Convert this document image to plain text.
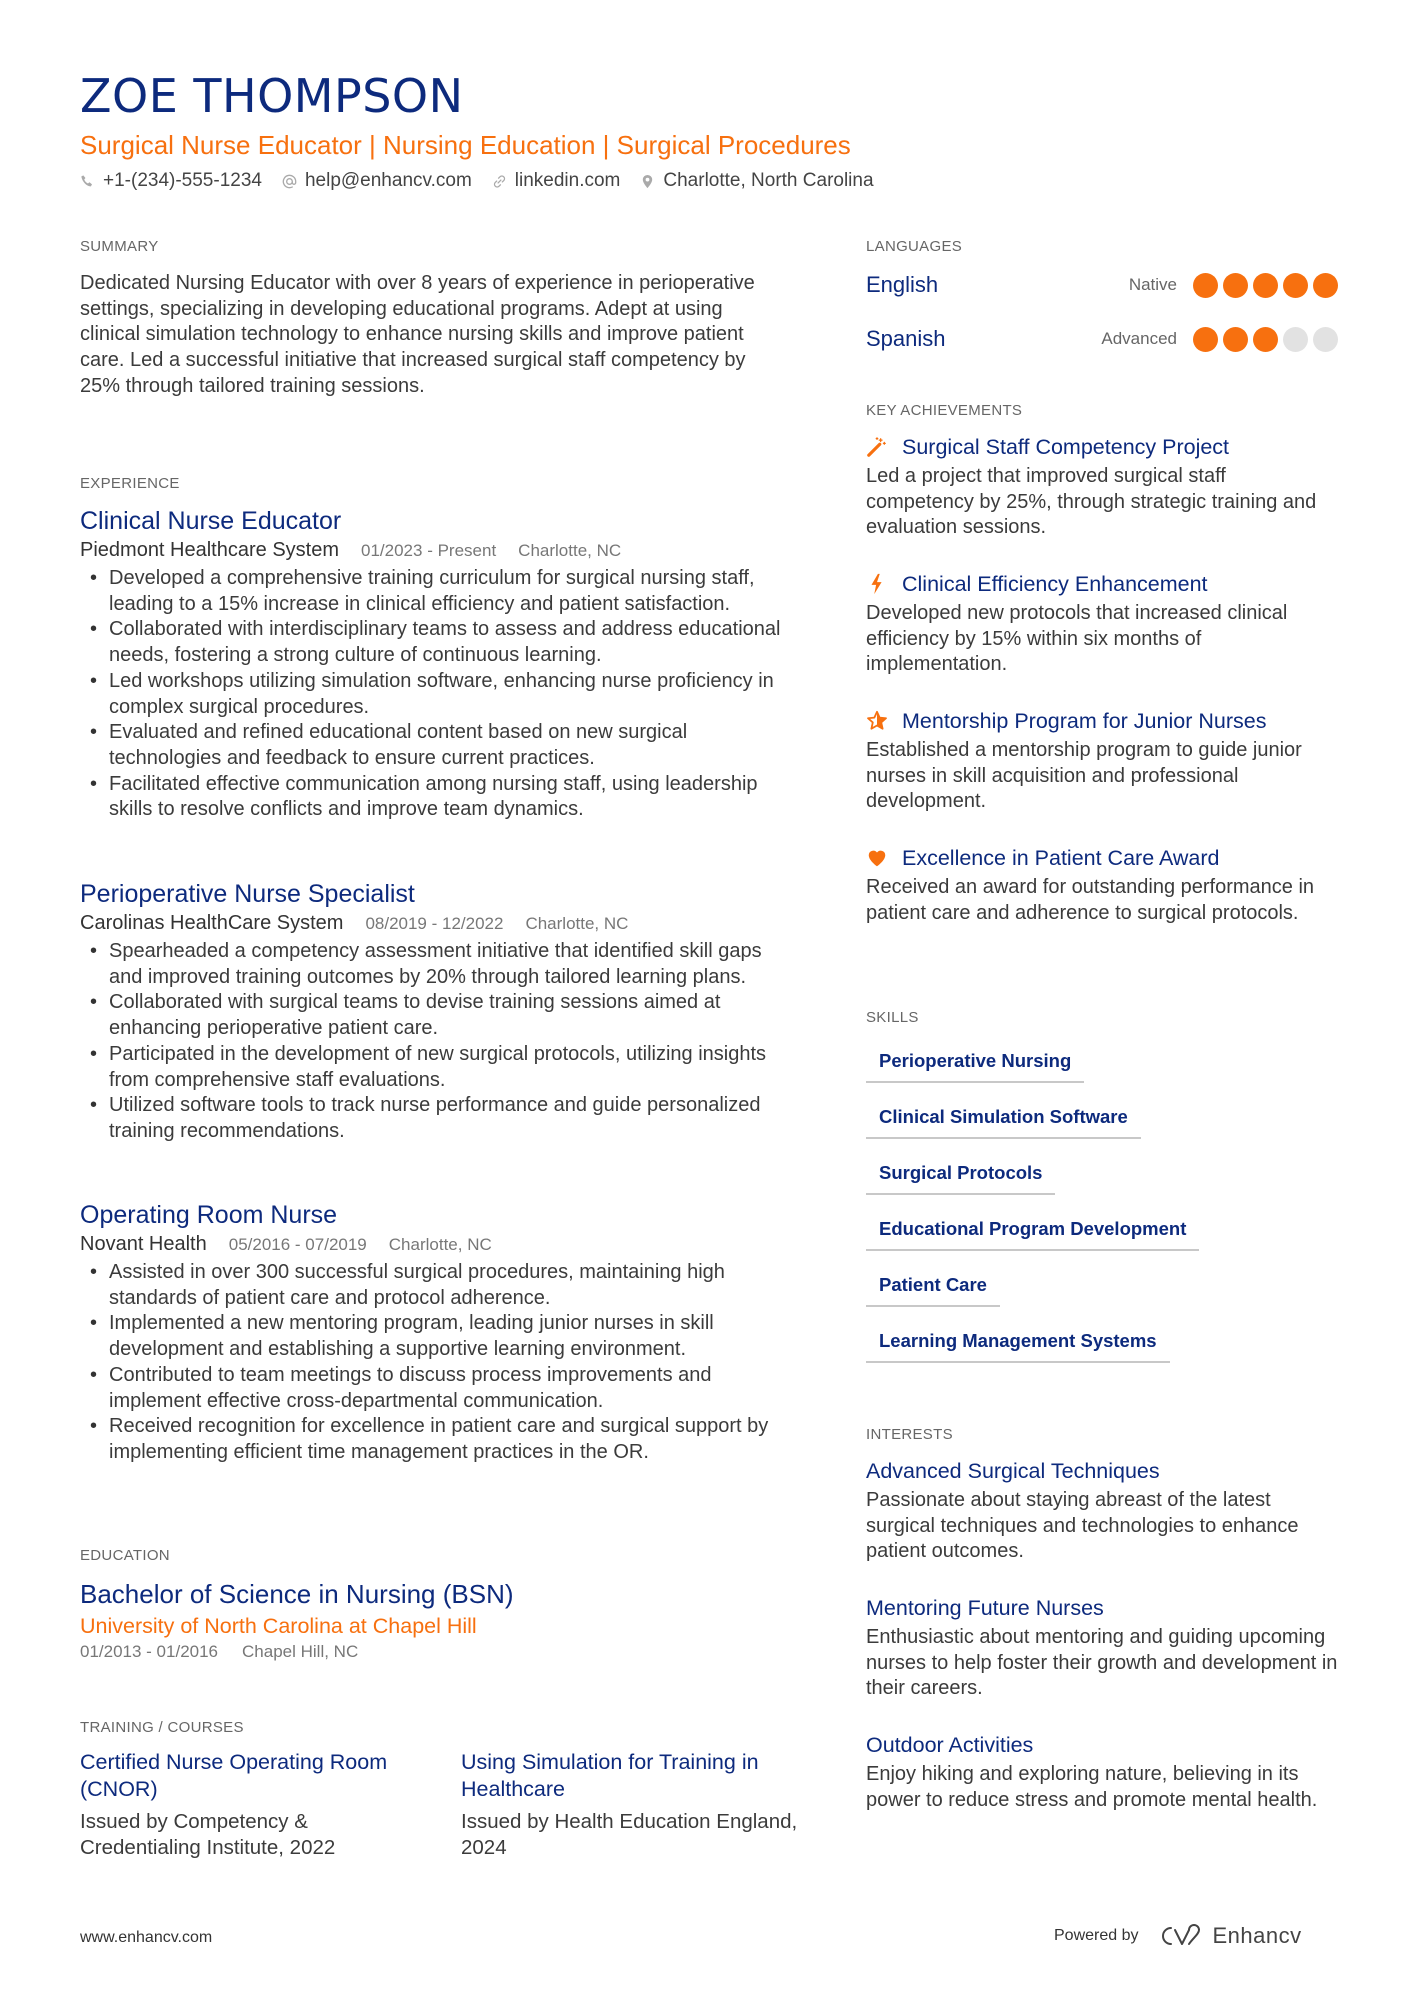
ZOE THOMPSON
Surgical Nurse Educator | Nursing Education | Surgical Procedures
+1-(234)-555-1234 help@enhancv.com linkedin.com Charlotte, North Carolina
SUMMARY
Dedicated Nursing Educator with over 8 years of experience in perioperative settings, specializing in developing educational programs. Adept at using clinical simulation technology to enhance nursing skills and improve patient care. Led a successful initiative that increased surgical staff competency by 25% through tailored training sessions.
EXPERIENCE
Clinical Nurse Educator
Piedmont Healthcare System 01/2023 - Present Charlotte, NC
• Developed a comprehensive training curriculum for surgical nursing staff, leading to a 15% increase in clinical efficiency and patient satisfaction.
• Collaborated with interdisciplinary teams to assess and address educational needs, fostering a strong culture of continuous learning.
• Led workshops utilizing simulation software, enhancing nurse proficiency in complex surgical procedures.
• Evaluated and refined educational content based on new surgical technologies and feedback to ensure current practices.
• Facilitated effective communication among nursing staff, using leadership skills to resolve conflicts and improve team dynamics.
Perioperative Nurse Specialist
Carolinas HealthCare System 08/2019 - 12/2022 Charlotte, NC
• Spearheaded a competency assessment initiative that identified skill gaps and improved training outcomes by 20% through tailored learning plans.
• Collaborated with surgical teams to devise training sessions aimed at enhancing perioperative patient care.
• Participated in the development of new surgical protocols, utilizing insights from comprehensive staff evaluations.
• Utilized software tools to track nurse performance and guide personalized training recommendations.
Operating Room Nurse
Novant Health 05/2016 - 07/2019 Charlotte, NC
• Assisted in over 300 successful surgical procedures, maintaining high standards of patient care and protocol adherence.
• Implemented a new mentoring program, leading junior nurses in skill development and establishing a supportive learning environment.
• Contributed to team meetings to discuss process improvements and implement effective cross-departmental communication.
• Received recognition for excellence in patient care and surgical support by implementing efficient time management practices in the OR.
EDUCATION
Bachelor of Science in Nursing (BSN)
University of North Carolina at Chapel Hill
01/2013 - 01/2016 Chapel Hill, NC
TRAINING / COURSES
Certified Nurse Operating Room (CNOR)
Issued by Competency & Credentialing Institute, 2022
Using Simulation for Training in Healthcare
Issued by Health Education England, 2024
LANGUAGES
English	Native
Spanish	Advanced
KEY ACHIEVEMENTS
Surgical Staff Competency Project
Led a project that improved surgical staff competency by 25%, through strategic training and evaluation sessions.
Clinical Efficiency Enhancement
Developed new protocols that increased clinical efficiency by 15% within six months of implementation.
Mentorship Program for Junior Nurses
Established a mentorship program to guide junior nurses in skill acquisition and professional development.
Excellence in Patient Care Award
Received an award for outstanding performance in patient care and adherence to surgical protocols.
SKILLS
Perioperative Nursing
Clinical Simulation Software
Surgical Protocols
Educational Program Development
Patient Care
Learning Management Systems
INTERESTS
Advanced Surgical Techniques
Passionate about staying abreast of the latest surgical techniques and technologies to enhance patient outcomes.
Mentoring Future Nurses
Enthusiastic about mentoring and guiding upcoming nurses to help foster their growth and development in their careers.
Outdoor Activities
Enjoy hiking and exploring nature, believing in its power to reduce stress and promote mental health.
www.enhancv.com	Powered by	Enhancv
